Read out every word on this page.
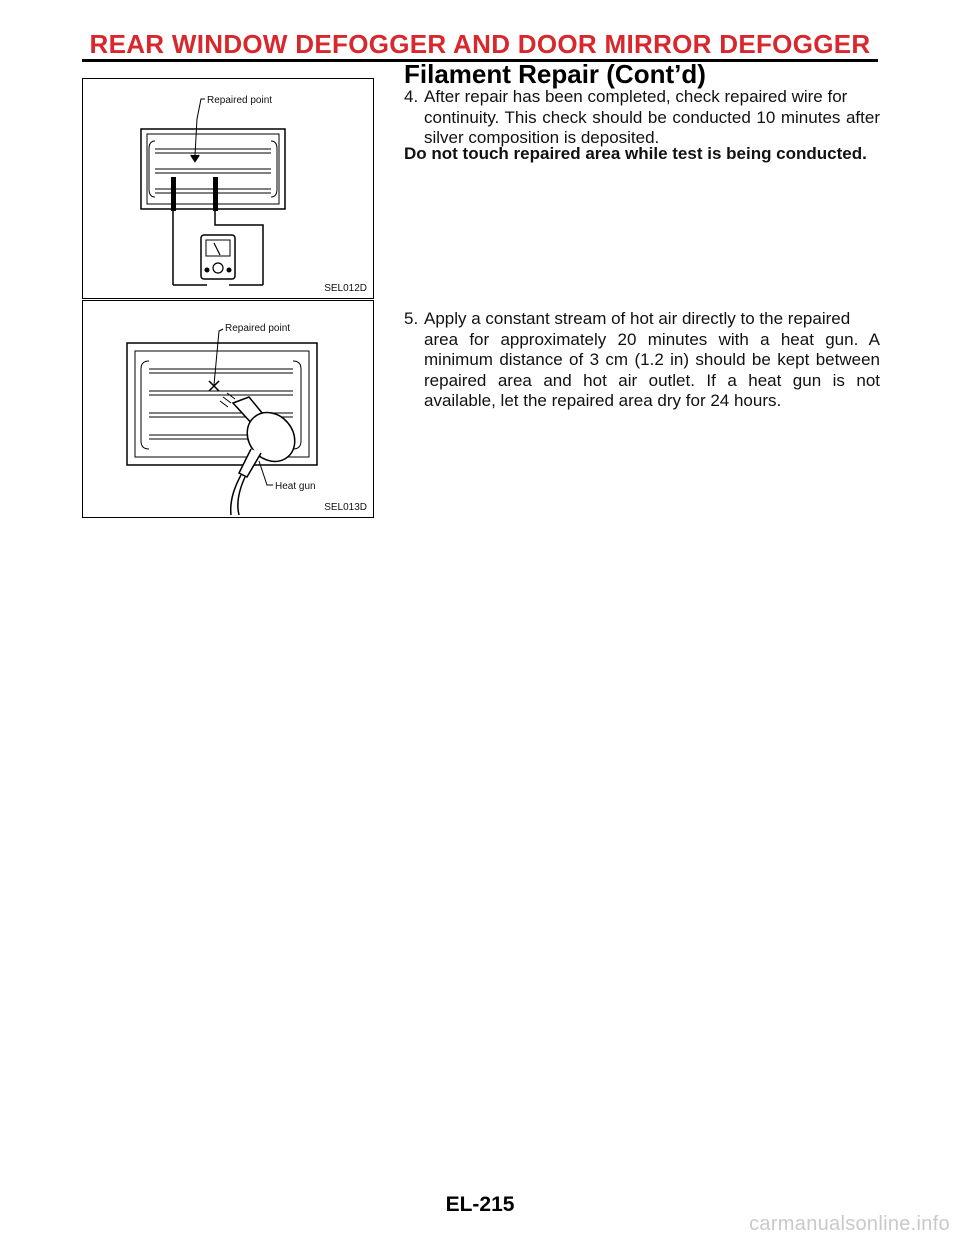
REAR WINDOW DEFOGGER AND DOOR MIRROR DEFOGGER
Filament Repair (Cont’d)
Repaired point
SEL012D
Repaired point
Heat gun
SEL013D
4. After repair has been completed, check repaired wire for
continuity. This check should be conducted 10 minutes after silver composition is deposited.
Do not touch repaired area while test is being conducted.
5. Apply a constant stream of hot air directly to the repaired
area for approximately 20 minutes with a heat gun. A minimum distance of 3 cm (1.2 in) should be kept between repaired area and hot air outlet. If a heat gun is not available, let the repaired area dry for 24 hours.
EL-215
carmanualsonline.info
